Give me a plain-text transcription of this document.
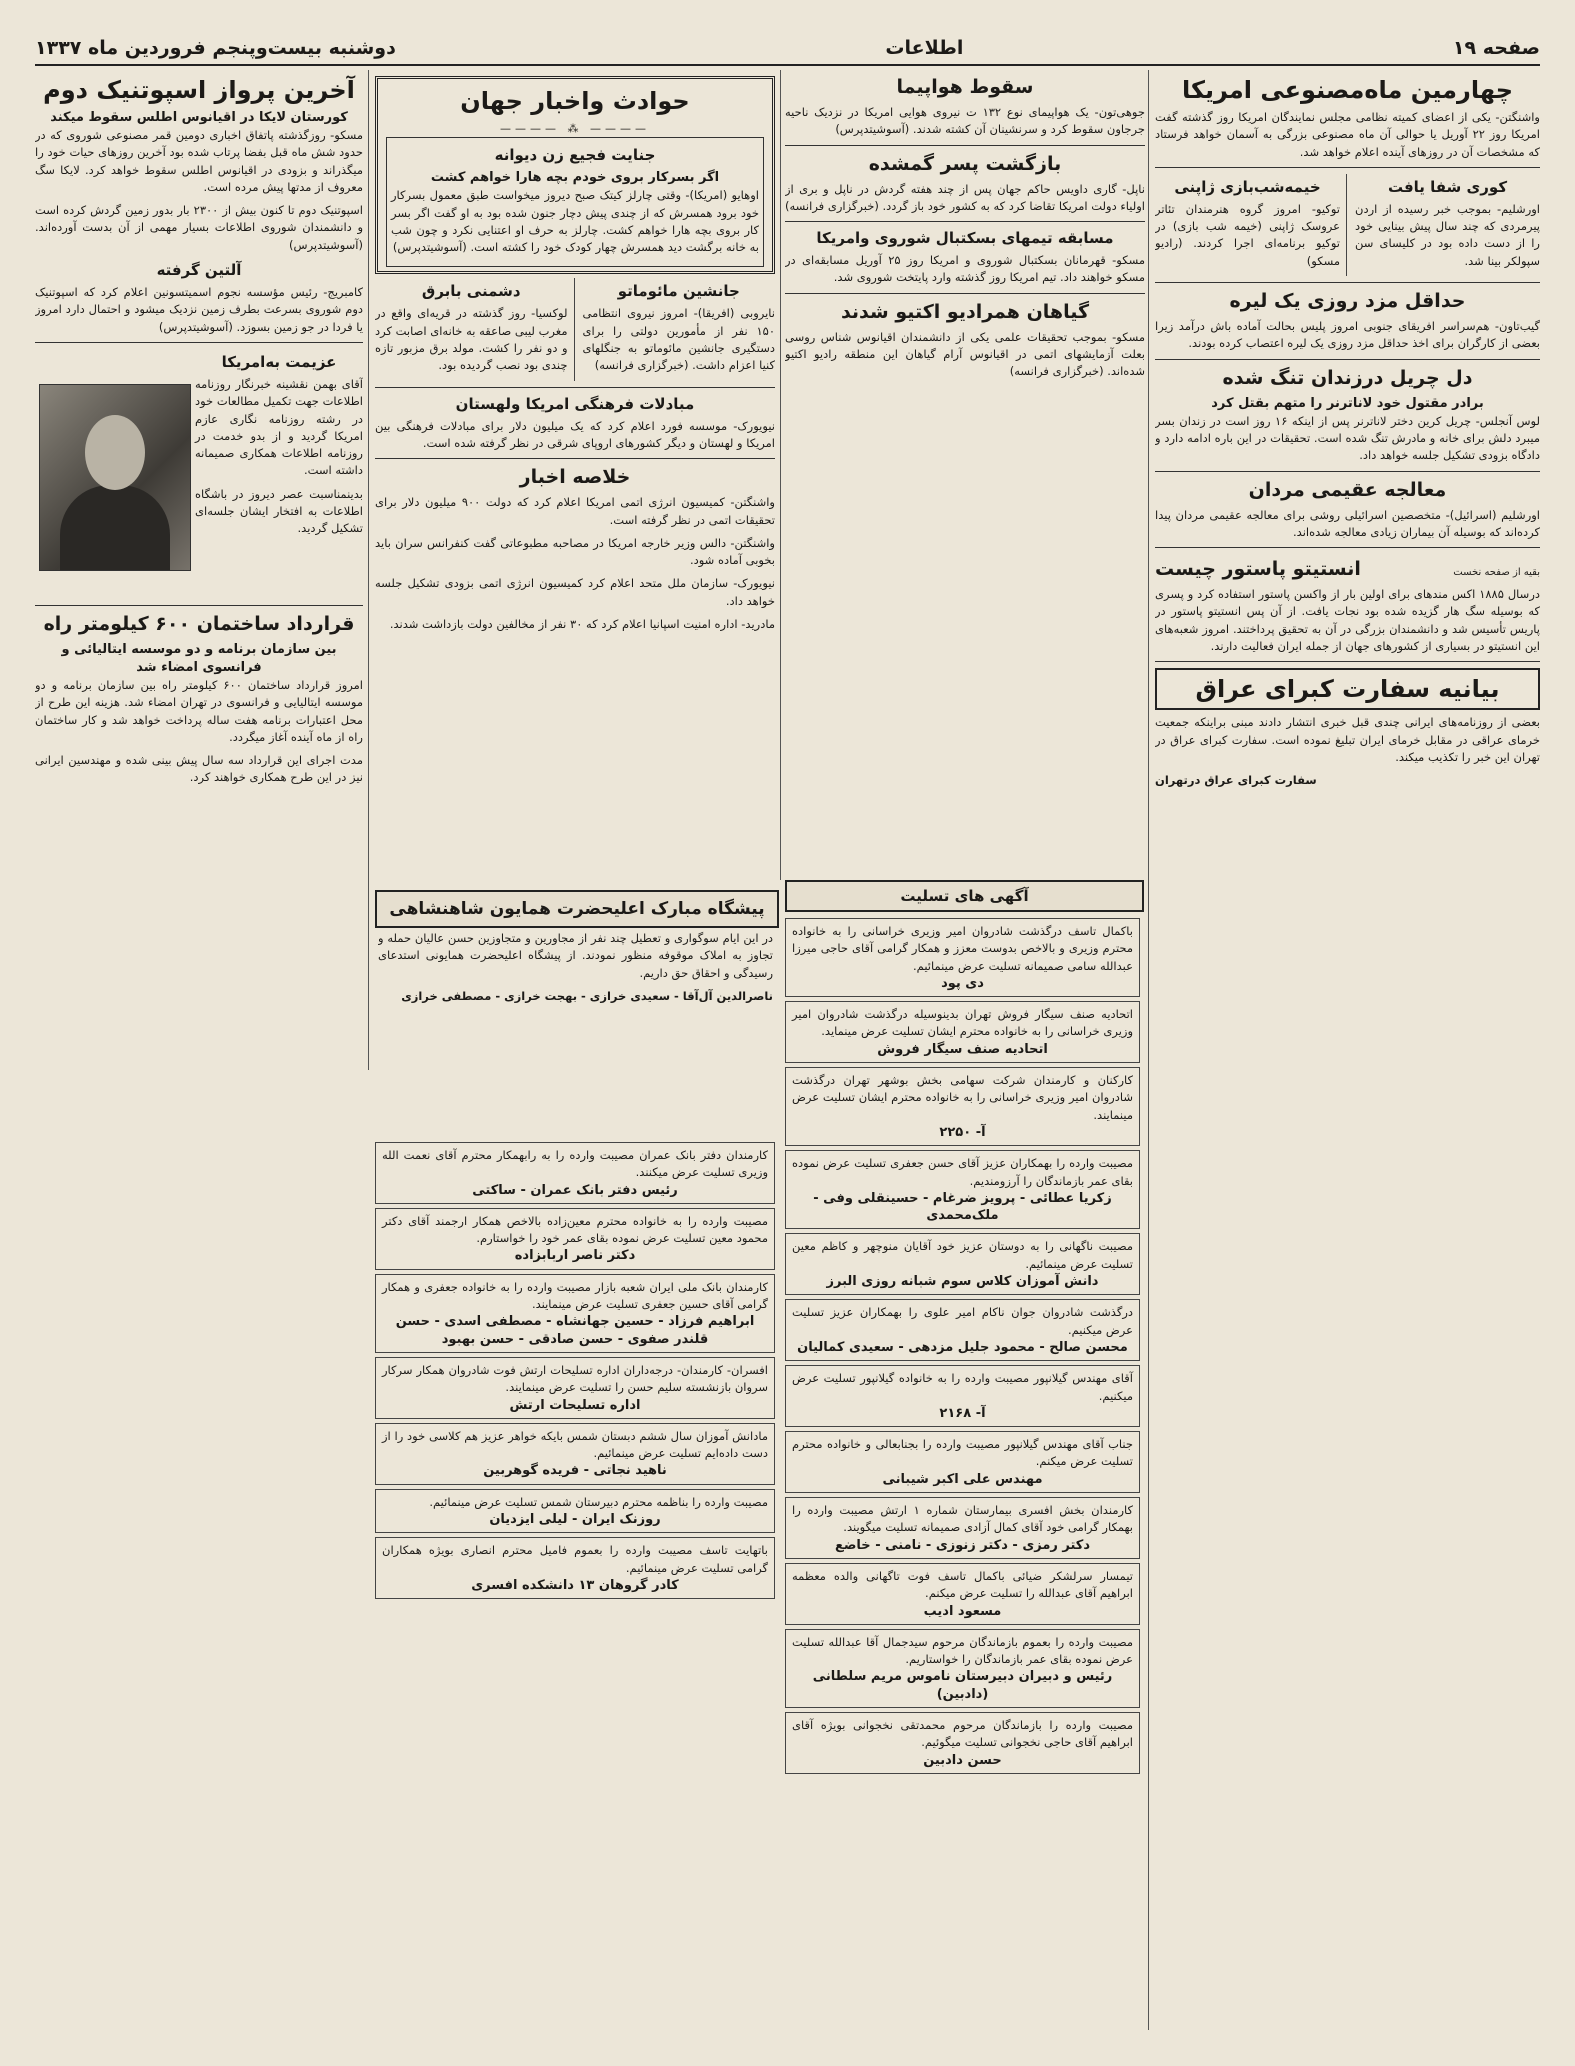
صفحه ۱۹
اطلاعات
دوشنبه بیست‌وپنجم فروردین ماه ۱۳۳۷
چهارمین ماه‌مصنوعی امریکا

واشنگتن- یکی از اعضای کمیته نظامی مجلس نمایندگان امریکا روز گذشته گفت امریکا روز ۲۲ آوریل یا حوالی آن ماه مصنوعی بزرگی به آسمان خواهد فرستاد که مشخصات آن در روزهای آینده اعلام خواهد شد.

کوری شفا یافت

اورشلیم- بموجب خبر رسیده از اردن پیرمردی که چند سال پیش بینایی خود را از دست داده بود در کلیسای سن سپولکر بینا شد.

خیمه‌شب‌بازی ژاپنی

توکیو- امروز گروه هنرمندان تئاتر عروسک ژاپنی (خیمه شب بازی) در توکیو برنامه‌ای اجرا کردند. (رادیو مسکو)

حداقل مزد روزی یک لیره

گیب‌تاون- هم‌سراسر افریقای جنوبی امروز پلیس بحالت آماده باش درآمد زیرا بعضی از کارگران برای اخذ حداقل مزد روزی یک لیره اعتصاب کرده بودند.

دل چریل درزندان تنگ شده
برادر مقتول خود لاناترنر را متهم بقتل کرد

لوس آنجلس- چریل کرین دختر لاناترنر پس از اینکه ۱۶ روز است در زندان بسر میبرد دلش برای خانه و مادرش تنگ شده است. تحقیقات در این باره ادامه دارد و دادگاه بزودی تشکیل جلسه خواهد داد.

معالجه عقیمی مردان

اورشلیم (اسرائیل)- متخصصین اسرائیلی روشی برای معالجه عقیمی مردان پیدا کرده‌اند که بوسیله آن بیماران زیادی معالجه شده‌اند.

بقیه از صفحه نخست
انستیتو پاستور چیست

درسال ۱۸۸۵ اکس مندهای برای اولین بار از واکسن پاستور استفاده کرد و پسری که بوسیله سگ هار گزیده شده بود نجات یافت. از آن پس انستیتو پاستور در پاریس تأسیس شد و دانشمندان بزرگی در آن به تحقیق پرداختند. امروز شعبه‌های این انستیتو در بسیاری از کشورهای جهان از جمله ایران فعالیت دارند.

بیانیه سفارت کبرای عراق

بعضی از روزنامه‌های ایرانی چندی قبل خبری انتشار دادند مبنی براینکه جمعیت خرمای عراقی در مقابل خرمای ایران تبلیغ نموده است. سفارت کبرای عراق در تهران این خبر را تکذیب میکند.

سفارت کبرای عراق درتهران
سقوط هواپیما

جوهی‌تون- یک هواپیمای نوع ۱۳۲ ت نیروی هوایی امریکا در نزدیک ناحیه جرجاون سقوط کرد و سرنشینان آن کشته شدند. (آسوشیتدپرس)

بازگشت پسر گمشده

ناپل- گاری داویس حاکم جهان پس از چند هفته گردش در ناپل و بری از اولیاء دولت امریکا تقاضا کرد که به کشور خود باز گردد. (خبرگزاری فرانسه)

مسابقه تیمهای بسکتبال شوروی وامریکا

مسکو- قهرمانان بسکتبال شوروی و امریکا روز ۲۵ آوریل مسابقه‌ای در مسکو خواهند داد. تیم امریکا روز گذشته وارد پایتخت شوروی شد.

گیاهان همرادیو اکتیو شدند

مسکو- بموجب تحقیقات علمی یکی از دانشمندان اقیانوس شناس روسی بعلت آزمایشهای اتمی در اقیانوس آرام گیاهان این منطقه رادیو اکتیو شده‌اند. (خبرگزاری فرانسه)

حوادث واخبار جهان
———— ⁂ ————
جنایت فجیع زن دیوانه
اگر بسرکار بروی خودم بچه هارا خواهم کشت

اوهایو (امریکا)- وقتی چارلز کیتک صبح دیروز میخواست طبق معمول بسرکار خود برود همسرش که از چندی پیش دچار جنون شده بود به او گفت اگر بسر کار بروی بچه هارا خواهم کشت. چارلز به حرف او اعتنایی نکرد و چون شب به خانه برگشت دید همسرش چهار کودک خود را کشته است. (آسوشیتدپرس)

جانشین مائوماتو

نایروبی (افریقا)- امروز نیروی انتظامی ۱۵۰ نفر از مأمورین دولتی را برای دستگیری جانشین مائوماتو به جنگلهای کنیا اعزام داشت. (خبرگزاری فرانسه)

دشمنی بابرق

لوکسیا- روز گذشته در قریه‌ای واقع در مغرب لیبی صاعقه به خانه‌ای اصابت کرد و دو نفر را کشت. مولد برق مزبور تازه چندی بود نصب گردیده بود.

مبادلات فرهنگی امریکا ولهستان

نیویورک- موسسه فورد اعلام کرد که یک میلیون دلار برای مبادلات فرهنگی بین امریکا و لهستان و دیگر کشورهای اروپای شرقی در نظر گرفته شده است.

خلاصه اخبار

واشنگتن- کمیسیون انرژی اتمی امریکا اعلام کرد که دولت ۹۰۰ میلیون دلار برای تحقیقات اتمی در نظر گرفته است.

واشنگتن- دالس وزیر خارجه امریکا در مصاحبه مطبوعاتی گفت کنفرانس سران باید بخوبی آماده شود.

نیویورک- سازمان ملل متحد اعلام کرد کمیسیون انرژی اتمی بزودی تشکیل جلسه خواهد داد.

مادرید- اداره امنیت اسپانیا اعلام کرد که ۳۰ نفر از مخالفین دولت بازداشت شدند.

آخرین پرواز اسپوتنیک دوم
کورستان لایکا در اقیانوس اطلس سقوط میکند

مسکو- روزگذشته پاتفاق اخباری دومین قمر مصنوعی شوروی که در حدود شش ماه قبل بفضا پرتاب شده بود آخرین روزهای حیات خود را میگذراند و بزودی در اقیانوس اطلس سقوط خواهد کرد. لایکا سگ معروف از مدتها پیش مرده است.

اسپوتنیک دوم تا کنون بیش از ۲۳۰۰ بار بدور زمین گردش کرده است و دانشمندان شوروی اطلاعات بسیار مهمی از آن بدست آورده‌اند. (آسوشیتدپرس)

آلتین گرفته

کامبریج- رئیس مؤسسه نجوم اسمیتسونین اعلام کرد که اسپوتنیک دوم شوروی بسرعت بطرف زمین نزدیک میشود و احتمال دارد امروز یا فردا در جو زمین بسوزد. (آسوشیتدپرس)

عزیمت به‌امریکا

آقای بهمن نقشینه خبرنگار روزنامه اطلاعات جهت تکمیل مطالعات خود در رشته روزنامه نگاری عازم امریکا گردید و از بدو خدمت در روزنامه اطلاعات همکاری صمیمانه داشته است.

بدینمناسبت عصر دیروز در باشگاه اطلاعات به افتخار ایشان جلسه‌ای تشکیل گردید.

قرارداد ساختمان ۶۰۰ کیلومتر راه
بین سازمان برنامه و دو موسسه ایتالیائی و فرانسوی امضاء شد

امروز قرارداد ساختمان ۶۰۰ کیلومتر راه بین سازمان برنامه و دو موسسه ایتالیایی و فرانسوی در تهران امضاء شد. هزینه این طرح از محل اعتبارات برنامه هفت ساله پرداخت خواهد شد و کار ساختمان راه از ماه آینده آغاز میگردد.

مدت اجرای این قرارداد سه سال پیش بینی شده و مهندسین ایرانی نیز در این طرح همکاری خواهند کرد.

پیشگاه مبارک اعلیحضرت همایون شاهنشاهی

در این ایام سوگواری و تعطیل چند نفر از مجاورین و متجاوزین حسن عالیان حمله و تجاوز به املاک موقوفه منظور نمودند. از پیشگاه اعلیحضرت همایونی استدعای رسیدگی و احقاق حق داریم.

ناصرالدین آل‌آقا - سعیدی خرازی - بهجت خرازی - مصطفی خرازی

آگهی های تسلیت
باکمال تاسف درگذشت شادروان امیر وزیری خراسانی را به خانواده محترم وزیری و بالاخص بدوست معزز و همکار گرامی آقای حاجی میرزا عبدالله سامی صمیمانه تسلیت عرض مینمائیم.
دی پود
اتحادیه صنف سیگار فروش تهران بدینوسیله درگذشت شادروان امیر وزیری خراسانی را به خانواده محترم ایشان تسلیت عرض مینماید.
اتحادیه صنف سیگار فروش
کارکنان و کارمندان شرکت سهامی بخش بوشهر تهران درگذشت شادروان امیر وزیری خراسانی را به خانواده محترم ایشان تسلیت عرض مینمایند.
آ- ۲۲۵۰
مصیبت وارده را بهمکاران عزیز آقای حسن جعفری تسلیت عرض نموده بقای عمر بازماندگان را آرزومندیم.
زکریا عطائی - پرویز ضرغام - حسینقلی وفی - ملک‌محمدی
مصیبت ناگهانی را به دوستان عزیز خود آقایان منوچهر و کاظم معین تسلیت عرض مینمائیم.
دانش آموزان کلاس سوم شبانه روزی البرز
درگذشت شادروان جوان ناکام امیر علوی را بهمکاران عزیز تسلیت عرض میکنیم.
محسن صالح - محمود جلیل مزدهی - سعیدی کمالیان
آقای مهندس گیلانپور مصیبت وارده را به خانواده گیلانپور تسلیت عرض میکنیم.
آ- ۲۱۶۸
جناب آقای مهندس گیلانپور مصیبت وارده را بجنابعالی و خانواده محترم تسلیت عرض میکنم.
مهندس علی اکبر شیبانی
کارمندان بخش افسری بیمارستان شماره ۱ ارتش مصیبت وارده را بهمکار گرامی خود آقای کمال آزادی صمیمانه تسلیت میگویند.
دکتر رمزی - دکتر زنوزی - نامنی - خاضع
تیمسار سرلشکر ضیائی باکمال تاسف فوت تاگهانی والده معظمه ابراهیم آقای عبدالله را تسلیت عرض میکنم.
مسعود ادیب
مصیبت وارده را بعموم بازماندگان مرحوم سیدجمال آقا عبدالله تسلیت عرض نموده بقای عمر بازماندگان را خواستاریم.
رئیس و دبیران دبیرستان ناموس مریم سلطانی (دادبین)
مصیبت وارده را بازماندگان مرحوم محمدتقی نخجوانی بویژه آقای ابراهیم آقای حاجی نخجوانی تسلیت میگوئیم.
حسن دادبین
کارمندان دفتر بانک عمران مصیبت وارده را به رابهمکار محترم آقای نعمت الله وزیری تسلیت عرض میکنند.
رئیس دفتر بانک عمران - ساکتی
مصیبت وارده را به خانواده محترم معین‌زاده بالاخص همکار ارجمند آقای دکتر محمود معین تسلیت عرض نموده بقای عمر خود را خواستارم.
دکتر ناصر اربابزاده
کارمندان بانک ملی ایران شعبه بازار مصیبت وارده را به خانواده جعفری و همکار گرامی آقای حسین جعفری تسلیت عرض مینمایند.
ابراهیم فرزاد - حسین جهانشاه - مصطفی اسدی - حسن قلندر صفوی - حسن صادقی - حسن بهبود
افسران- کارمندان- درجه‌داران اداره تسلیحات ارتش فوت شادروان همکار سرکار سروان بازنشسته سلیم حسن را تسلیت عرض مینمایند.
اداره تسلیحات ارتش
مادانش آموزان سال ششم دبستان شمس بایکه خواهر عزیز هم کلاسی خود را از دست داده‌ایم تسلیت عرض مینمائیم.
ناهید نجاتی - فریده گوهربین
مصیبت وارده را بناظمه محترم دبیرستان شمس تسلیت عرض مینمائیم.
روزنک ایران - لیلی ایزدیان
باتهایت تاسف مصیبت وارده را بعموم فامیل محترم انصاری بویژه همکاران گرامی تسلیت عرض مینمائیم.
کادر گروهان ۱۳ دانشکده افسری
